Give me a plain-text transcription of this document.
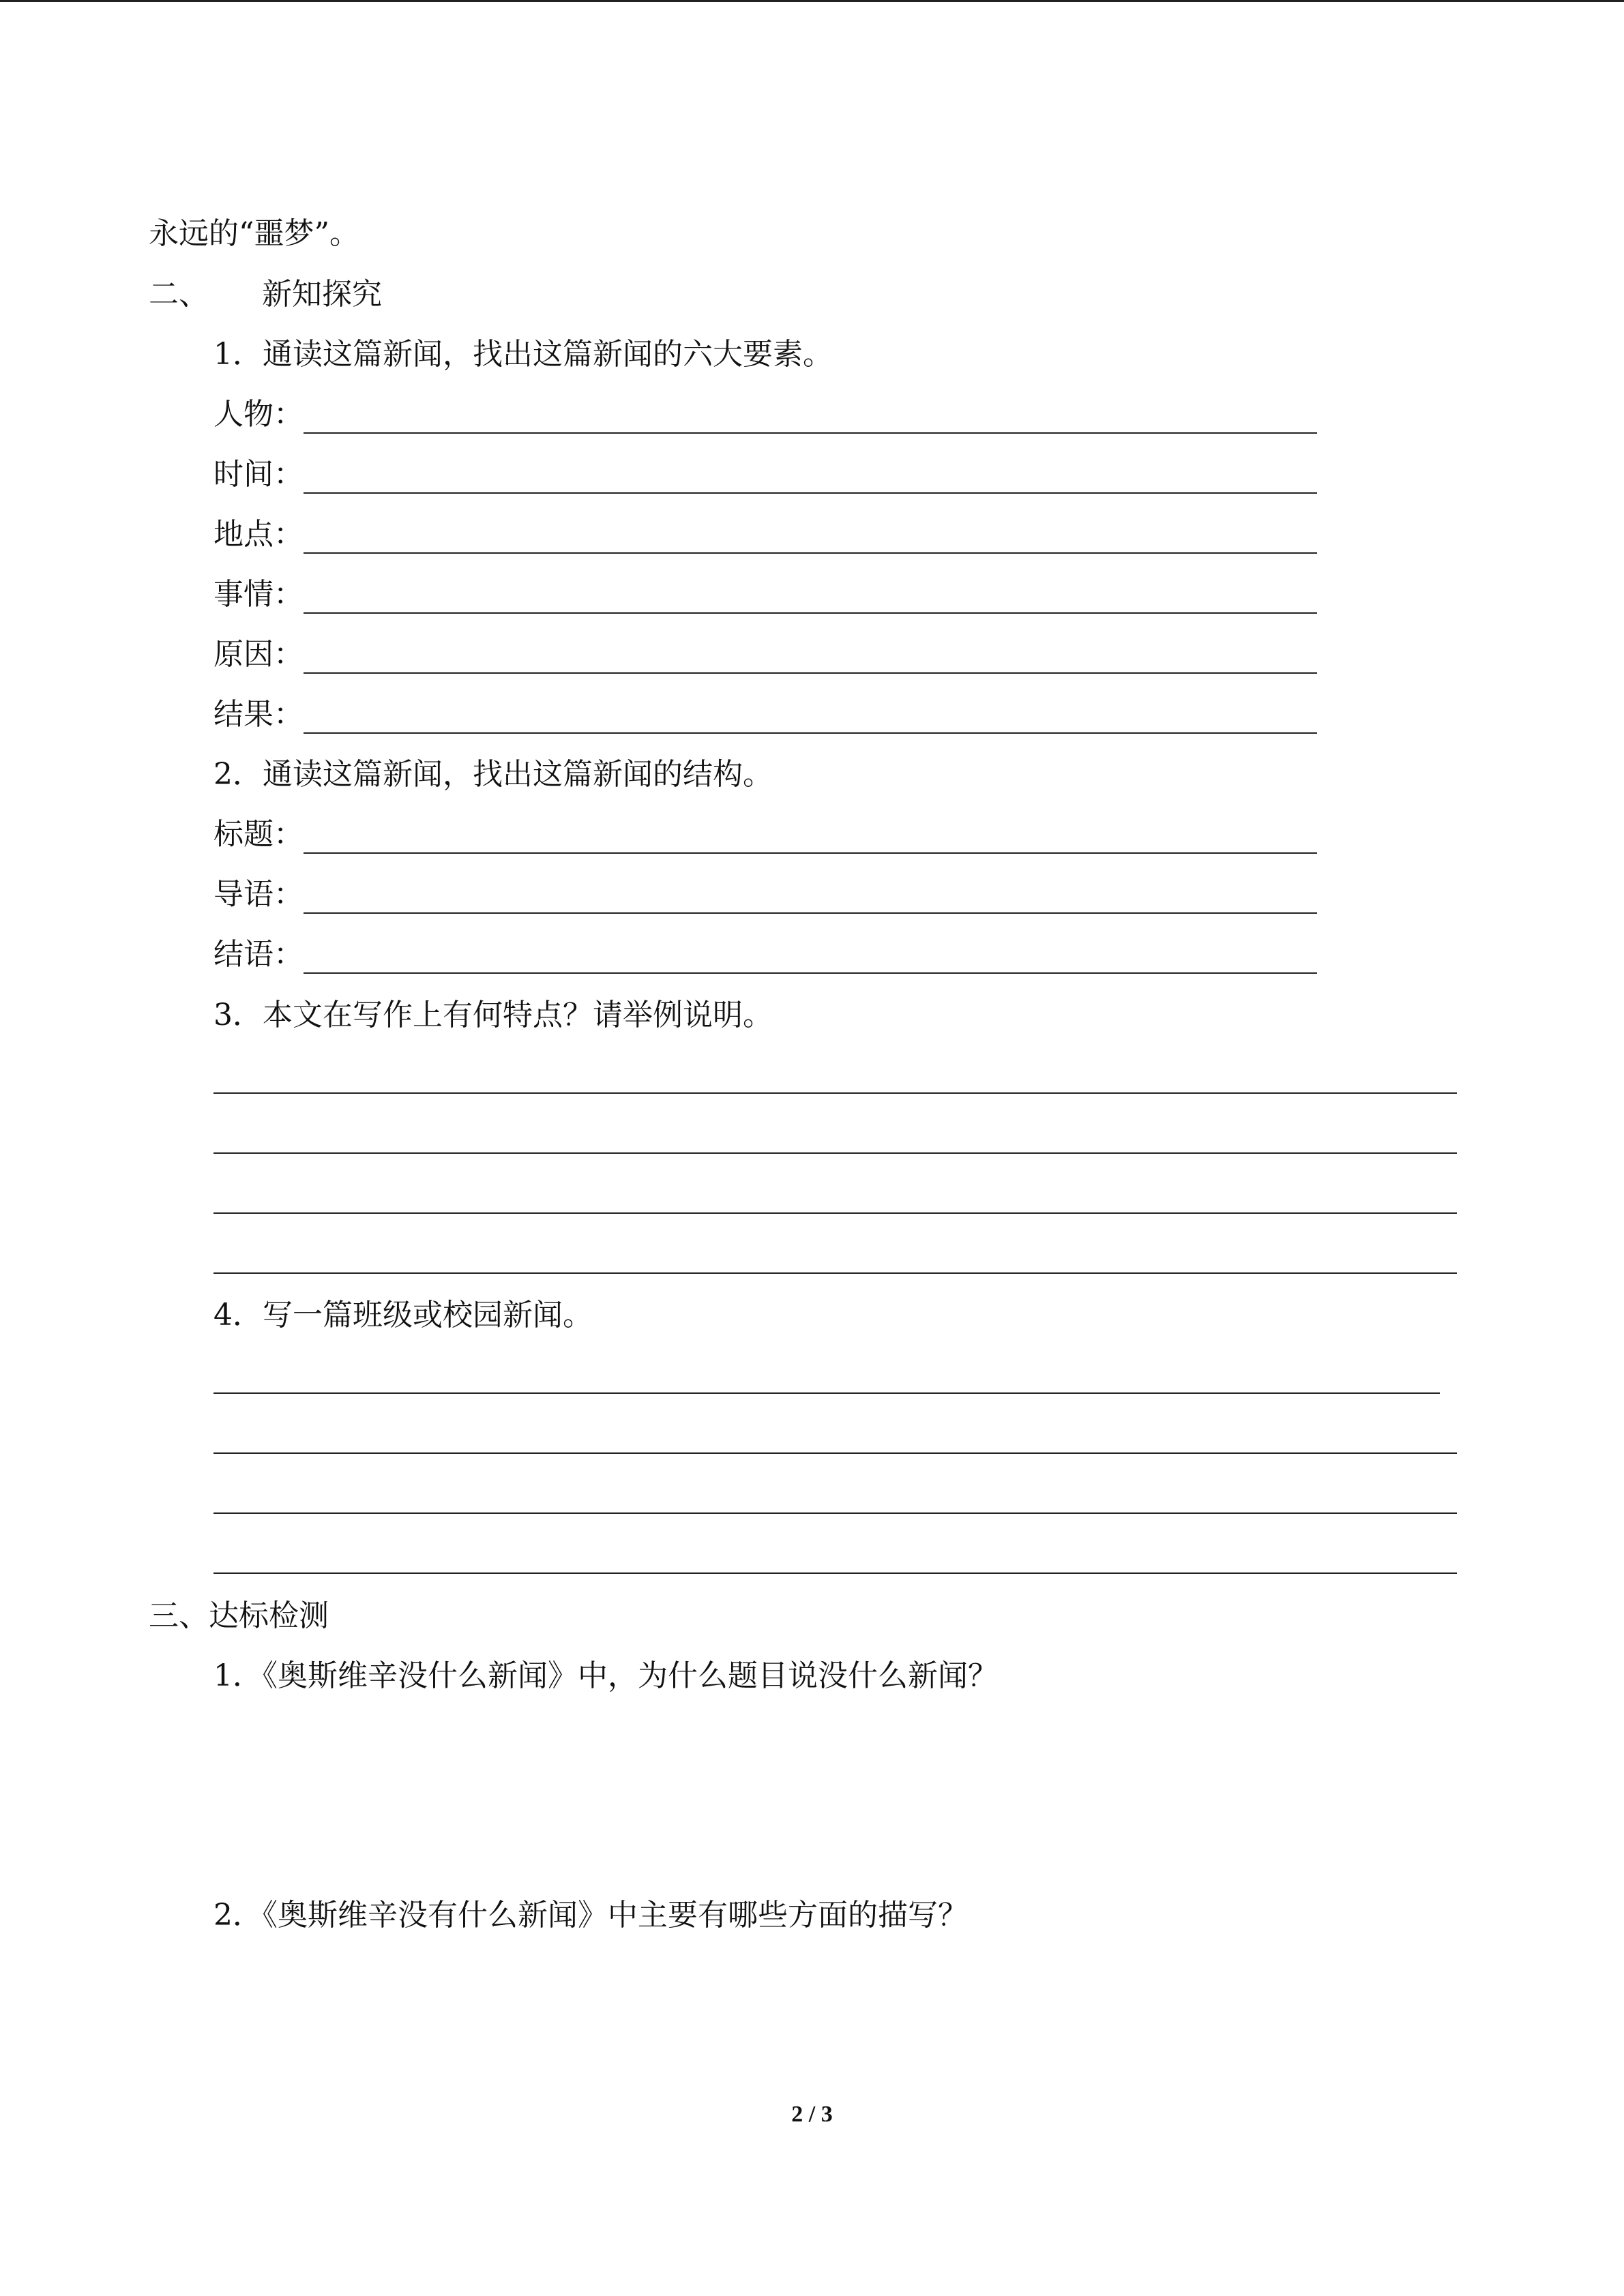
永远的“噩梦”。
二、 新知探究
1．通读这篇新闻，找出这篇新闻的六大要素。
人物：
时间：
地点：
事情：
原因：
结果：
2．通读这篇新闻，找出这篇新闻的结构。
标题：
导语：
结语：
3．本文在写作上有何特点？请举例说明。
4．写一篇班级或校园新闻。
三、达标检测
1．《奥斯维辛没什么新闻》中，为什么题目说没什么新闻？
2．《奥斯维辛没有什么新闻》中主要有哪些方面的描写？
2 / 3
